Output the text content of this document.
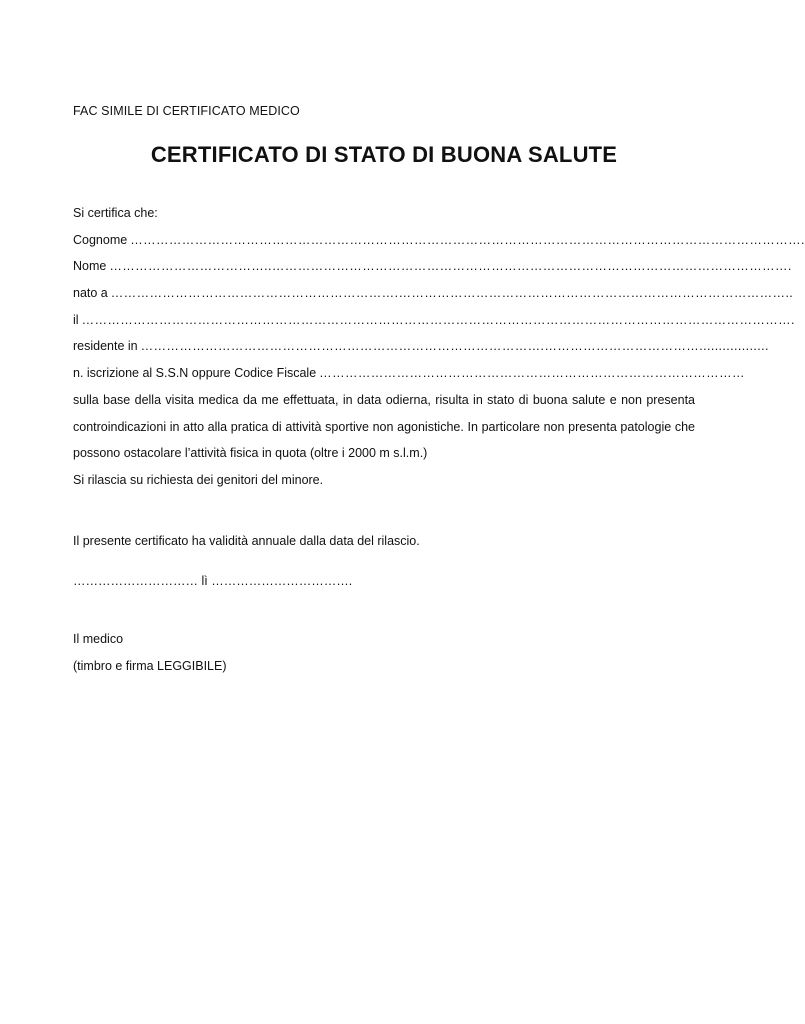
FAC SIMILE DI CERTIFICATO MEDICO
CERTIFICATO DI STATO DI BUONA SALUTE
Si certifica che:
Cognome ………………………………………………………………………………………………………………………………………….
Nome ………………………………..………………………………………………………………………………………………………….
nato a ………………………………………………………….………………………………………………………………………………..
il ………………………………………………………………………………………………………………………………………………….
residente in ………………………………………………………………………………….………………………………..................
n. iscrizione al S.S.N oppure Codice Fiscale ………………………………………………………………………………………

sulla base della visita medica da me effettuata, in data odierna, risulta in stato di buona salute e non presenta controindicazioni in atto alla pratica di attività sportive non agonistiche. In particolare non presenta patologie che possono ostacolare l’attività fisica in quota (oltre i 2000 m s.l.m.)

Si rilascia su richiesta dei genitori del minore.
Il presente certificato ha validità annuale dalla data del rilascio.
………………………… lì …………………………….
Il medico
(timbro e firma LEGGIBILE)
